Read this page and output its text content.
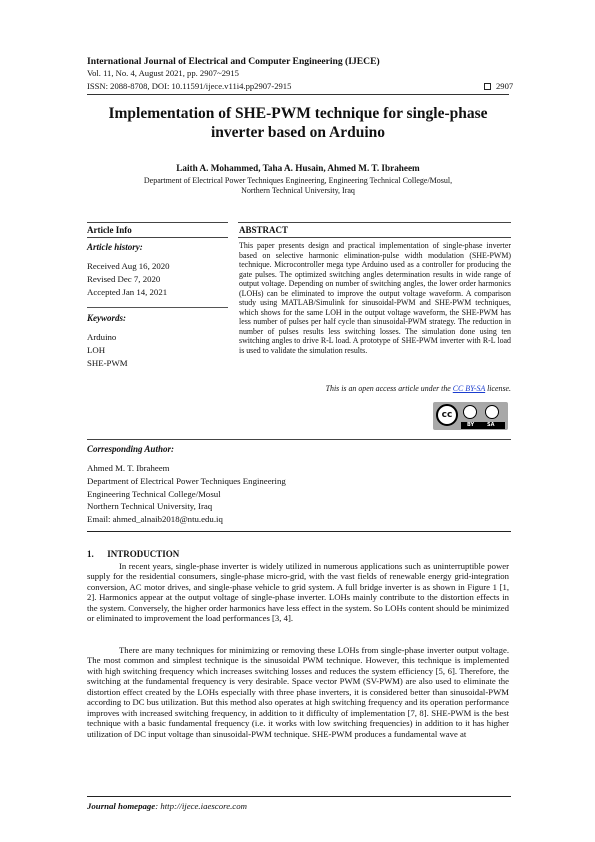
International Journal of Electrical and Computer Engineering (IJECE)
Vol. 11, No. 4, August 2021, pp. 2907~2915
ISSN: 2088-8708, DOI: 10.11591/ijece.v11i4.pp2907-2915	2907
Implementation of SHE-PWM technique for single-phase inverter based on Arduino
Laith A. Mohammed, Taha A. Husain, Ahmed M. T. Ibraheem
Department of Electrical Power Techniques Engineering, Engineering Technical College/Mosul,
Northern Technical University, Iraq
Article Info	ABSTRACT
Article history:
Received Aug 16, 2020
Revised Dec 7, 2020
Accepted Jan 14, 2021
Keywords:
Arduino
LOH
SHE-PWM
This paper presents design and practical implementation of single-phase inverter based on selective harmonic elimination-pulse width modulation (SHE-PWM) technique. Microcontroller mega type Arduino used as a controller for producing the gate pulses. The optimized switching angles determination results in wide range of output voltage. Depending on number of switching angles, the lower order harmonics (LOHs) can be eliminated to improve the output voltage waveform. A comparison study using MATLAB/Simulink for sinusoidal-PWM and SHE-PWM techniques, which shows for the same LOH in the output voltage waveform, the SHE-PWM has less number of pulses per half cycle than sinusoidal-PWM strategy. The reduction in number of pulses results less switching losses. The simulation done using ten switching angles to drive R-L load. A prototype of SHE-PWM inverter with R-L load is used to validate the simulation results.
This is an open access article under the CC BY-SA license.
cc
BY	SA
Corresponding Author:
Ahmed M. T. Ibraheem
Department of Electrical Power Techniques Engineering
Engineering Technical College/Mosul
Northern Technical University, Iraq
Email: ahmed_alnaib2018@ntu.edu.iq
1.      INTRODUCTION
In recent years, single-phase inverter is widely utilized in numerous applications such as uninterruptible power supply for the residential consumers, single-phase micro-grid, with the vast fields of renewable energy grid-integration conversion, AC motor drives, and single-phase vehicle to grid system. A full bridge inverter is as shown in Figure 1 [1, 2]. Harmonics appear at the output voltage of single-phase inverter. LOHs mainly contribute to the distortion effects in the system. Conversely, the higher order harmonics have less effect in the system. So LOHs content should be minimized or eliminated to improvement the load performances [3, 4].
There are many techniques for minimizing or removing these LOHs from single-phase inverter output voltage. The most common and simplest technique is the sinusoidal PWM technique. However, this technique is implemented with high switching frequency which increases switching losses and reduces the system efficiency [5, 6]. Therefore, the switching at the fundamental frequency is very desirable. Space vector PWM (SV-PWM) are also used to eliminate the distortion effect created by the LOHs especially with three phase inverters, it is considered better than sinusoidal-PWM according to DC bus utilization. But this method also operates at high switching frequency and its operation performance improves with increased switching frequency, in addition to it difficulty of implementation [7, 8]. SHE-PWM is the best technique with a basic fundamental frequency (i.e. it works with low switching frequencies) in addition to it has higher utilization of DC input voltage than sinusoidal-PWM technique. SHE-PWM produces a fundamental wave at
Journal homepage: http://ijece.iaescore.com
